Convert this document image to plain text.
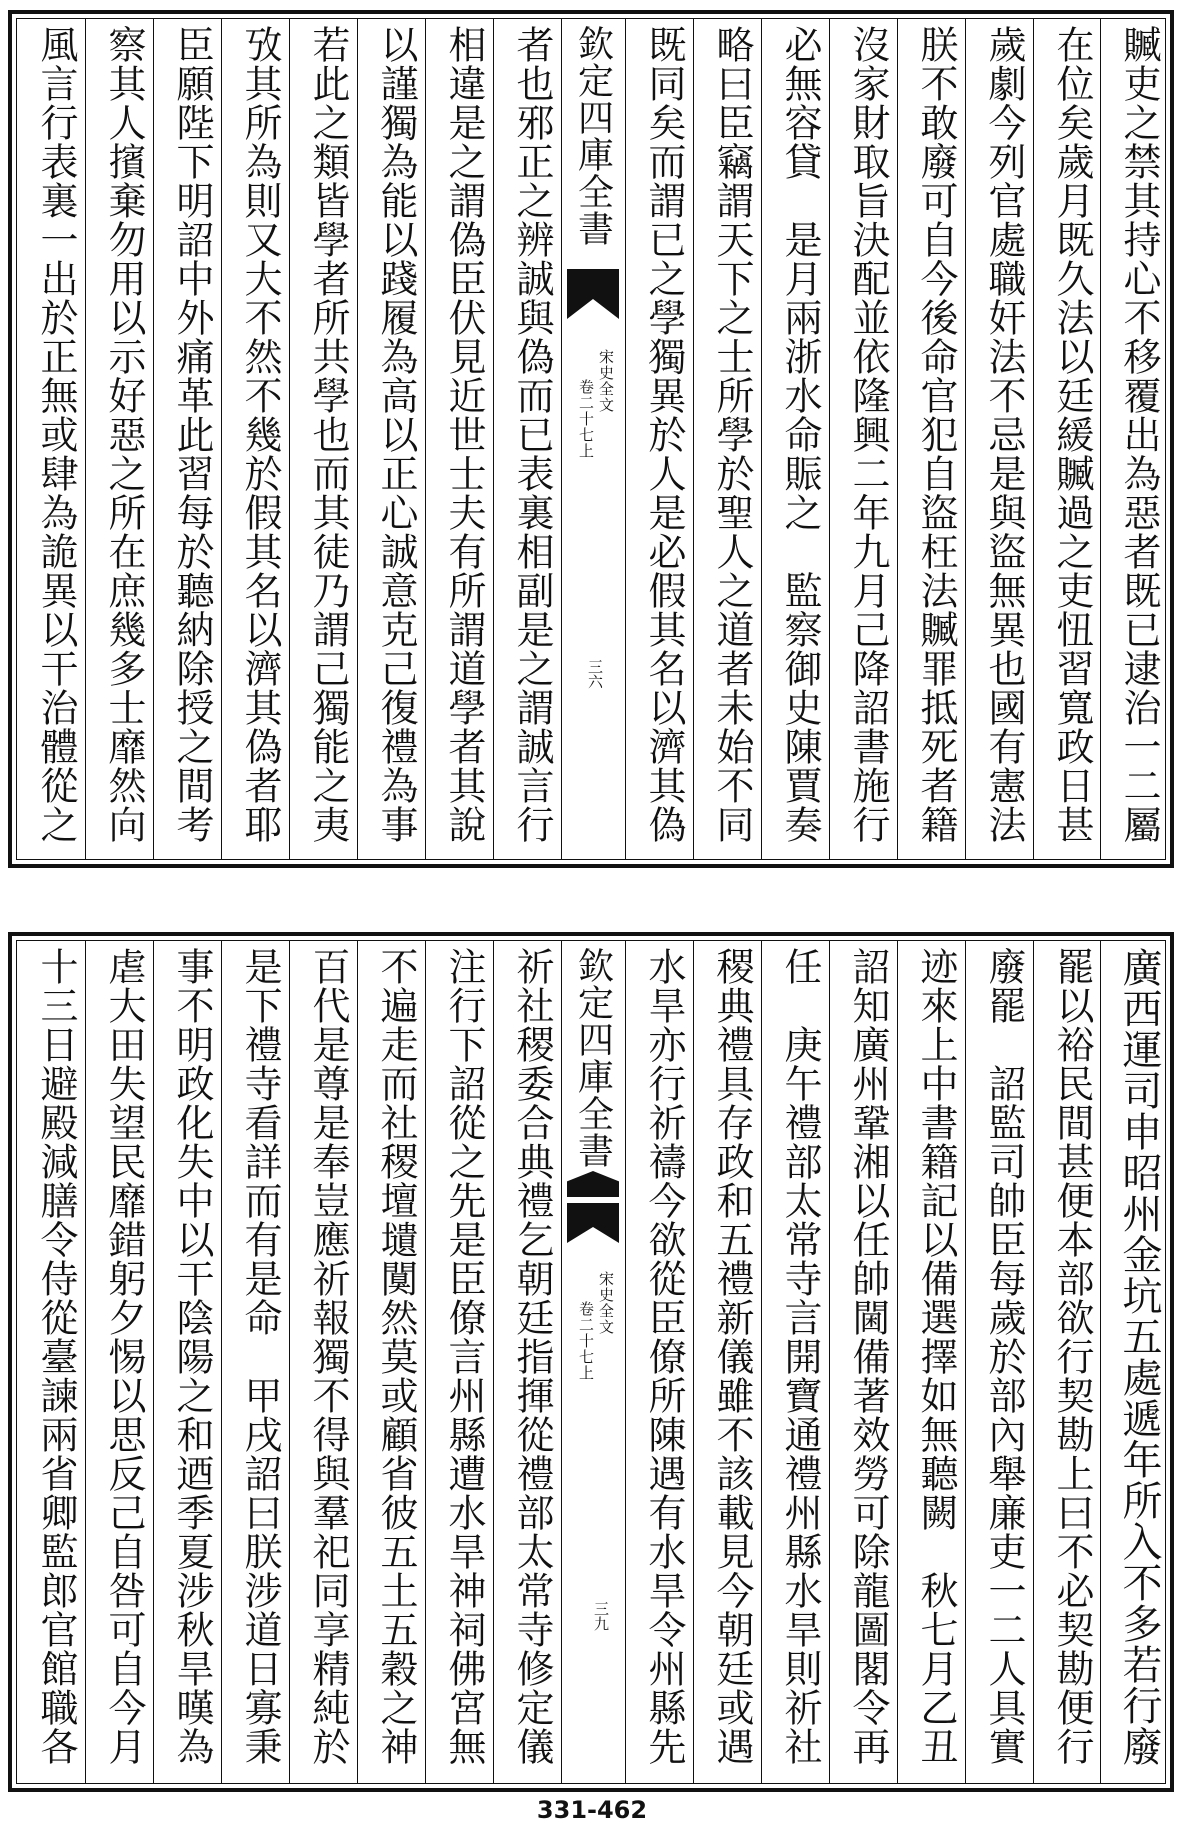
風言行表裏一出於正無或肆為詭異以干治體從之 察其人擯棄勿用以示好惡之所在庶幾多士靡然向 臣願陛下明詔中外痛革此習每於聽納除授之間考 攷其所為則又大不然不幾於假其名以濟其偽者耶 若此之類皆學者所共學也而其徒乃謂己獨能之夷 以謹獨為能以踐履為高以正心誠意克己復禮為事 相違是之謂偽臣伏見近世士夫有所謂道學者其說 者也邪正之辨誠與偽而已表裏相副是之謂誠言行 欽定四庫全書
宋史全文
卷二十七上
三六 既同矣而謂已之學獨異於人是必假其名以濟其偽 略曰臣竊謂天下之士所學於聖人之道者未始不同 必無容貸　是月兩浙水命賑之　監察御史陳賈奏 沒家財取旨決配並依隆興二年九月己降詔書施行 朕不敢廢可自今後命官犯自盜枉法贓罪抵死者籍 歲劇今列官處職奸法不忌是與盜無異也國有憲法 在位矣歲月既久法以廷緩贓過之吏忸習寬政日甚 贓吏之禁其持心不移覆出為惡者既已逮治一二屬
十三日避殿減膳令侍從臺諫兩省卿監郎官館職各 虐大田失望民靡錯躬夕惕以思反己自咎可自今月 事不明政化失中以干陰陽之和迺季夏涉秋旱暵為 是下禮寺看詳而有是命　甲戌詔曰朕涉道日寡秉 百代是尊是奉豈應祈報獨不得與羣祀同享精純於 不遍走而社稷壇壝闃然莫或顧省彼五土五穀之神 注行下詔從之先是臣僚言州縣遭水旱神祠佛宮無 祈社稷委合典禮乞朝廷指揮從禮部太常寺修定儀 欽定四庫全書
宋史全文
卷二十七上
三九 水旱亦行祈禱今欲從臣僚所陳遇有水旱令州縣先 稷典禮具存政和五禮新儀雖不該載見今朝廷或遇 任　庚午禮部太常寺言開寶通禮州縣水旱則祈社 詔知廣州鞏湘以任帥閫備著效勞可除龍圖閣令再 迹來上中書籍記以備選擇如無聽闕　秋七月乙丑 廢罷　詔監司帥臣每歲於部內舉廉吏一二人具實 罷以裕民間甚便本部欲行契勘上曰不必契勘便行 廣西運司申昭州金坑五處遞年所入不多若行廢
331-462
